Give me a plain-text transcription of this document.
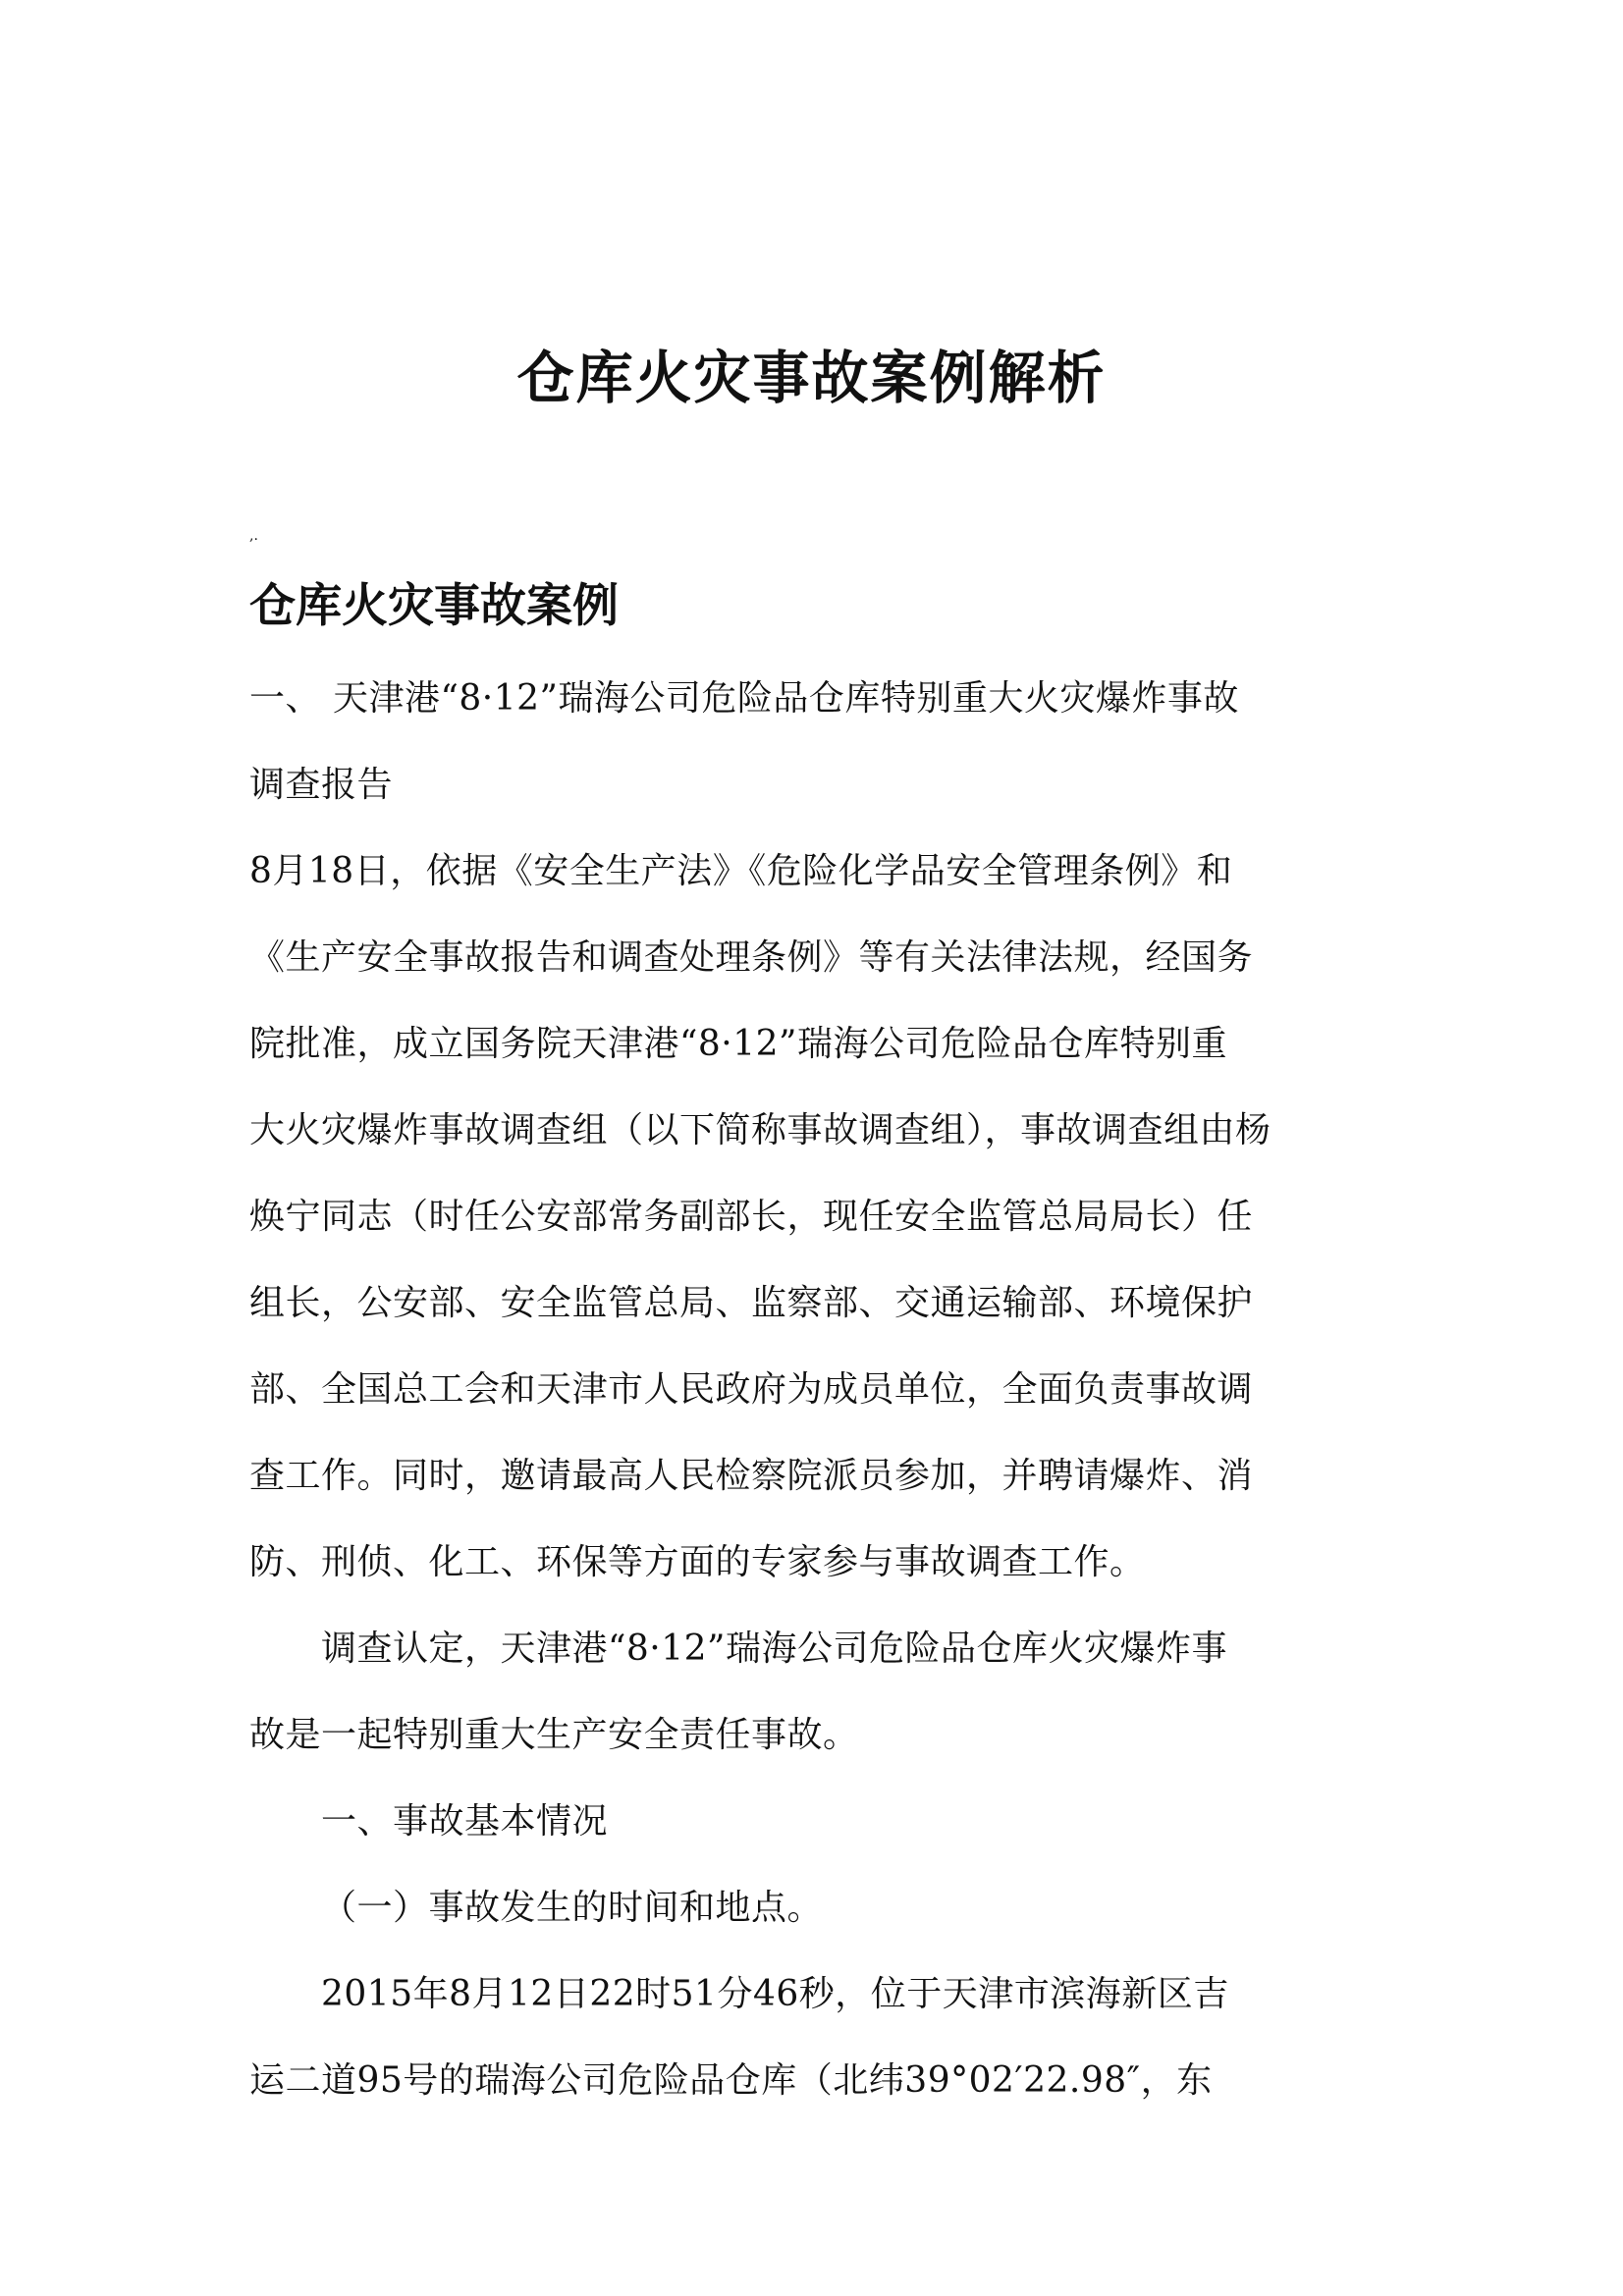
仓库火灾事故案例解析
,.
仓库火灾事故案例
一、 天津港“8·12”瑞海公司危险品仓库特别重大火灾爆炸事故
调查报告
8月18日，依据《安全生产法》《危险化学品安全管理条例》和
《生产安全事故报告和调查处理条例》等有关法律法规，经国务
院批准，成立国务院天津港“8·12”瑞海公司危险品仓库特别重
大火灾爆炸事故调查组（以下简称事故调查组），事故调查组由杨
焕宁同志（时任公安部常务副部长，现任安全监管总局局长）任
组长，公安部、安全监管总局、监察部、交通运输部、环境保护
部、全国总工会和天津市人民政府为成员单位，全面负责事故调
查工作。同时，邀请最高人民检察院派员参加，并聘请爆炸、消
防、刑侦、化工、环保等方面的专家参与事故调查工作。
调查认定，天津港“8·12”瑞海公司危险品仓库火灾爆炸事
故是一起特别重大生产安全责任事故。
一、事故基本情况
（一）事故发生的时间和地点。
2015年8月12日22时51分46秒，位于天津市滨海新区吉
运二道95号的瑞海公司危险品仓库（北纬39°02′22.98″，东
